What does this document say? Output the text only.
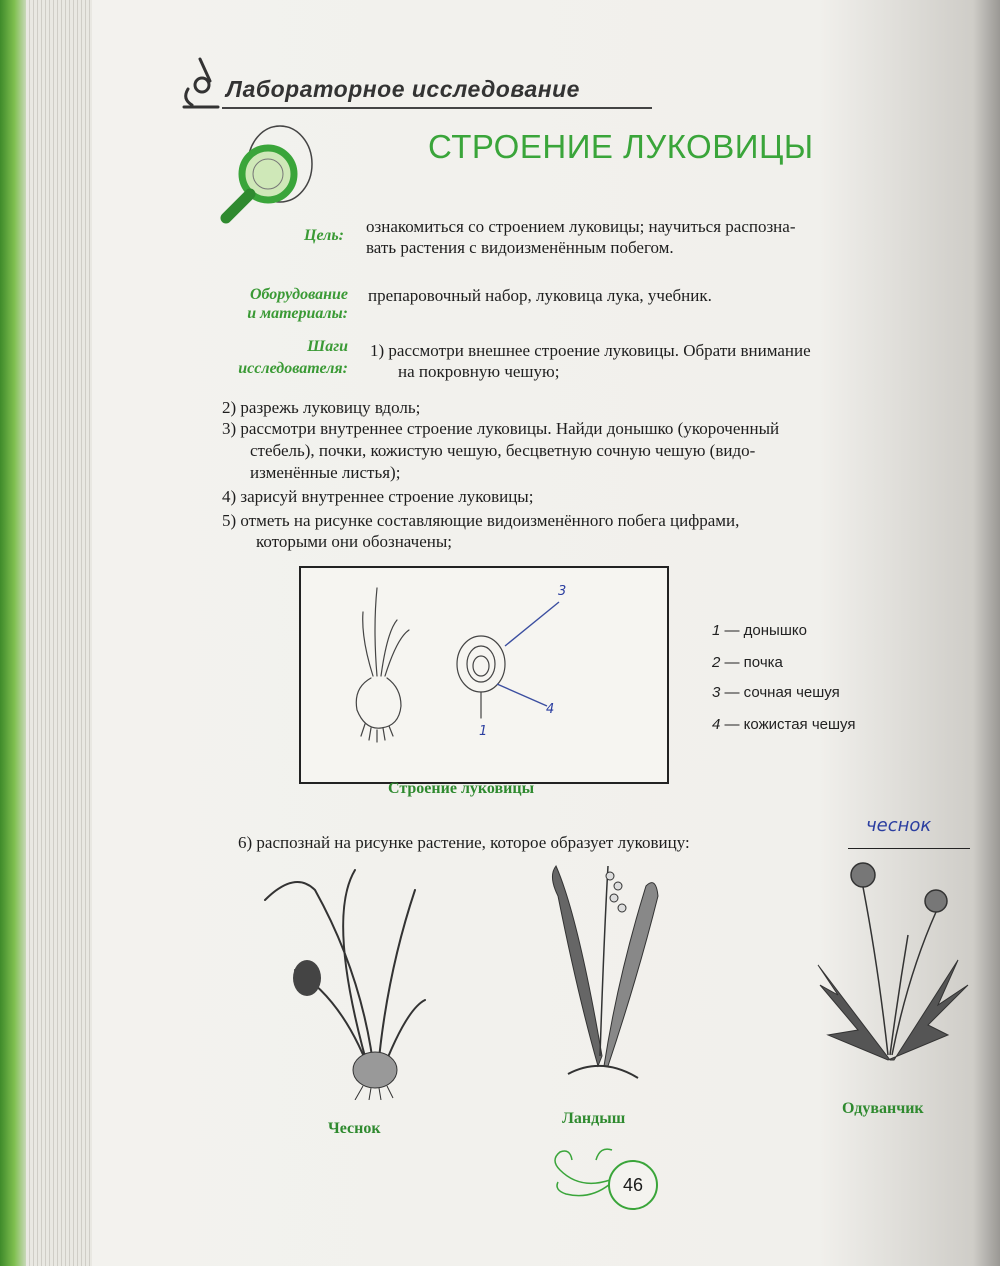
Лабораторное исследование
СТРОЕНИЕ ЛУКОВИЦЫ
Цель: ознакомиться со строением луковицы; научиться распозна-
вать растения с видоизменённым побегом.
Оборудование
и материалы:
препаровочный набор, луковица лука, учебник.
Шаги
исследователя:
1) рассмотри внешнее строение луковицы. Обрати внимание
на покровную чешую;
2) разрежь луковицу вдоль;
3) рассмотри внутреннее строение луковицы. Найди донышко (укороченный
стебель), почки, кожистую чешую, бесцветную сочную чешую (видо-
изменённые листья);
4) зарисуй внутреннее строение луковицы;
5) отметь на рисунке составляющие видоизменённого побега цифрами,
которыми они обозначены;
3
4
1
1 — донышко
2 — почка
3 — сочная чешуя
4 — кожистая чешуя
Строение луковицы
6) распознай на рисунке растение, которое образует луковицу:
чеснок
Чеснок
Ландыш
Одуванчик
46
